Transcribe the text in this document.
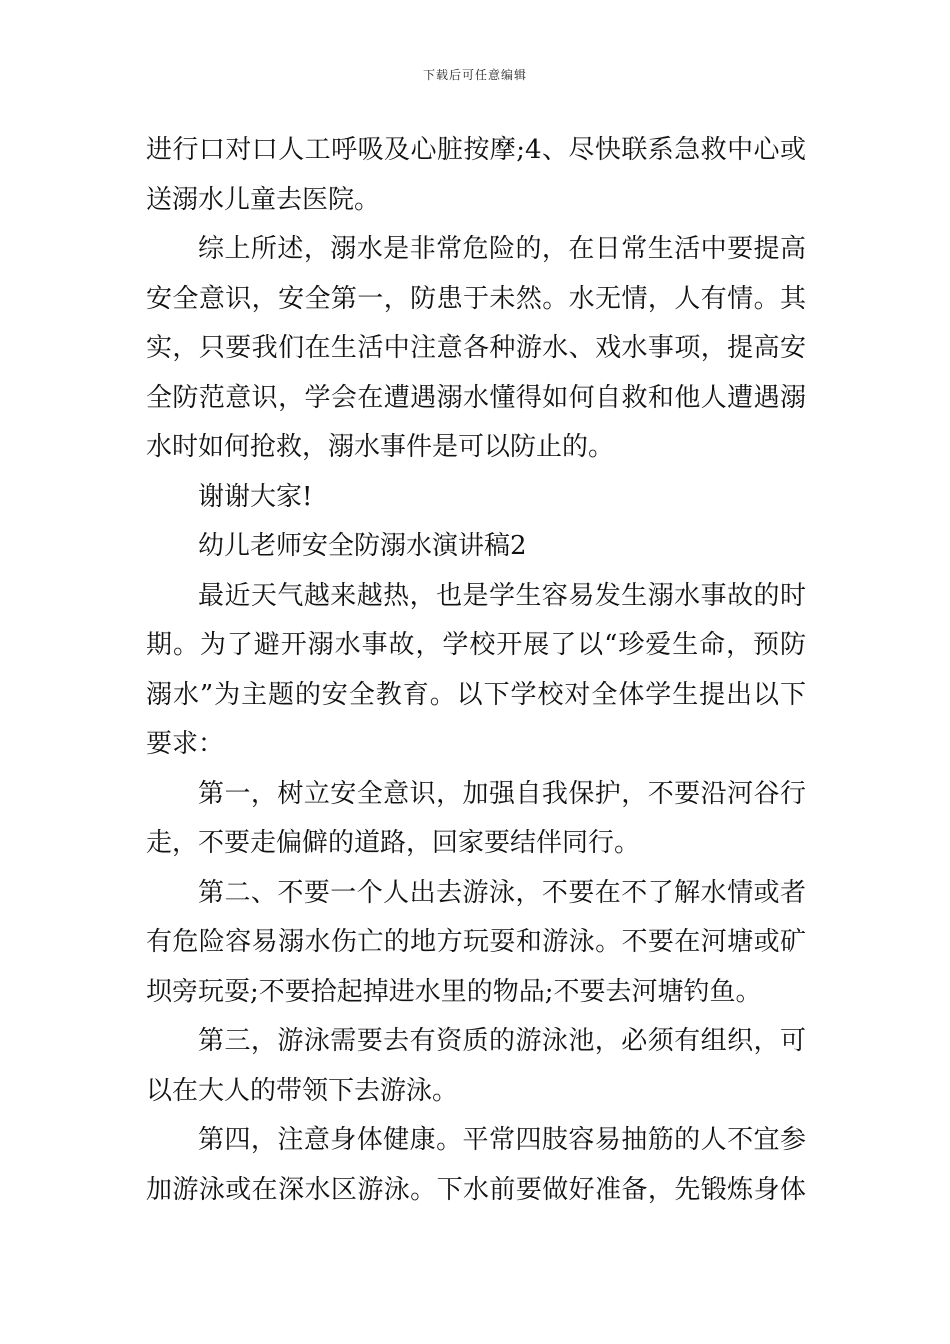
下载后可任意编辑
进行口对口人工呼吸及心脏按摩;4、尽快联系急救中心或
送溺水儿童去医院。
综上所述，溺水是非常危险的，在日常生活中要提高
安全意识，安全第一，防患于未然。水无情，人有情。其
实，只要我们在生活中注意各种游水、戏水事项，提高安
全防范意识，学会在遭遇溺水懂得如何自救和他人遭遇溺
水时如何抢救，溺水事件是可以防止的。
谢谢大家!
幼儿老师安全防溺水演讲稿2
最近天气越来越热，也是学生容易发生溺水事故的时
期。为了避开溺水事故，学校开展了以“珍爱生命，预防
溺水”为主题的安全教育。以下学校对全体学生提出以下
要求：
第一，树立安全意识，加强自我保护，不要沿河谷行
走，不要走偏僻的道路，回家要结伴同行。
第二、不要一个人出去游泳，不要在不了解水情或者
有危险容易溺水伤亡的地方玩耍和游泳。不要在河塘或矿
坝旁玩耍;不要拾起掉进水里的物品;不要去河塘钓鱼。
第三，游泳需要去有资质的游泳池，必须有组织，可
以在大人的带领下去游泳。
第四，注意身体健康。平常四肢容易抽筋的人不宜参
加游泳或在深水区游泳。下水前要做好准备，先锻炼身体
